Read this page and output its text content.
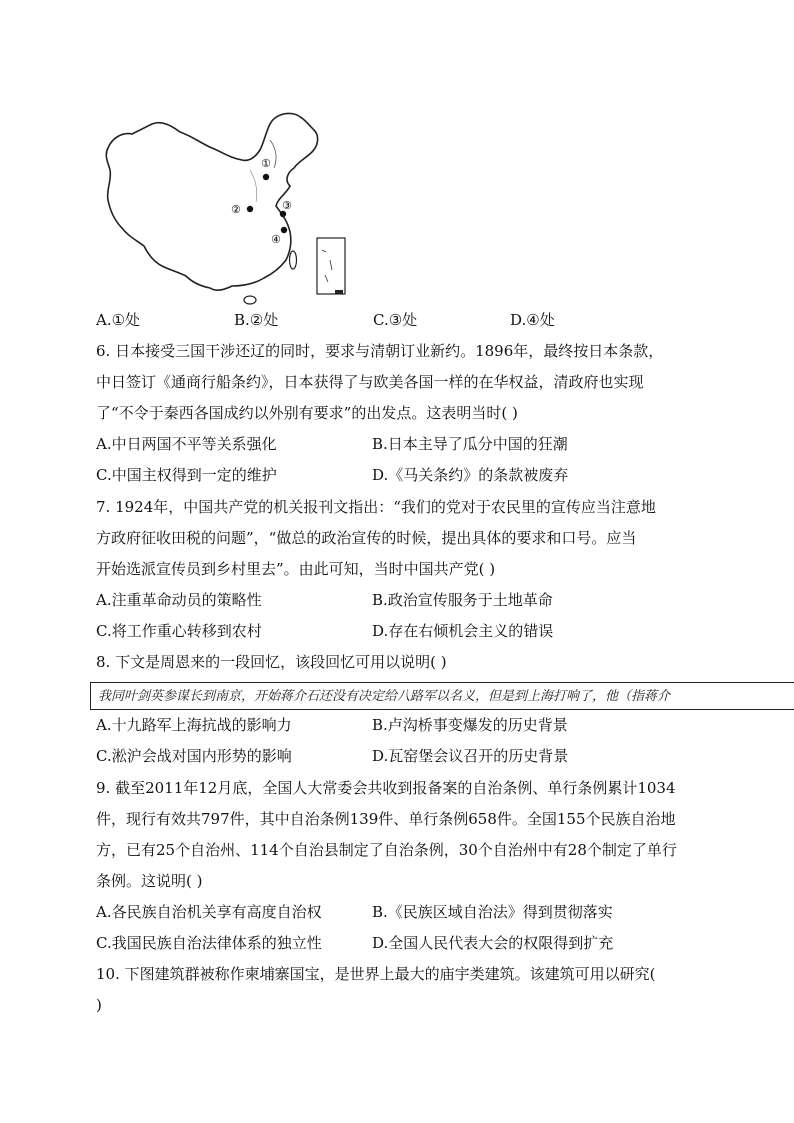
①
②	③
④
A.①处	B.②处	C.③处	D.④处
6. 日本接受三国干涉还辽的同时，要求与清朝订业新约。1896年，最终按日本条款，
中日签订《通商行船条约》，日本获得了与欧美各国一样的在华权益，清政府也实现
了“不令于秦西各国成约以外别有要求”的出发点。这表明当时( )
A.中日两国不平等关系强化	B.日本主导了瓜分中国的狂潮
C.中国主权得到一定的维护	D.《马关条约》的条款被废弃
7. 1924年，中国共产党的机关报刊文指出：“我们的党对于农民里的宣传应当注意地
方政府征收田税的问题”，“做总的政治宣传的时候，提出具体的要求和口号。应当
开始选派宣传员到乡村里去”。由此可知，当时中国共产党( )
A.注重革命动员的策略性	B.政治宣传服务于土地革命
C.将工作重心转移到农村	D.存在右倾机会主义的错误
8. 下文是周恩来的一段回忆，该段回忆可用以说明( )
我同叶剑英参谋长到南京，开始蒋介石还没有决定给八路军以名义，但是到上海打响了，他（指蒋介
A.十九路军上海抗战的影响力	B.卢沟桥事变爆发的历史背景
C.淞沪会战对国内形势的影响	D.瓦窑堡会议召开的历史背景
9. 截至2011年12月底，全国人大常委会共收到报备案的自治条例、单行条例累计1034
件，现行有效共797件，其中自治条例139件、单行条例658件。全国155个民族自治地
方，已有25个自治州、114个自治县制定了自治条例，30个自治州中有28个制定了单行
条例。这说明( )
A.各民族自治机关享有高度自治权	B.《民族区域自治法》得到贯彻落实
C.我国民族自治法律体系的独立性	D.全国人民代表大会的权限得到扩充
10. 下图建筑群被称作柬埔寨国宝，是世界上最大的庙宇类建筑。该建筑可用以研究(
)
